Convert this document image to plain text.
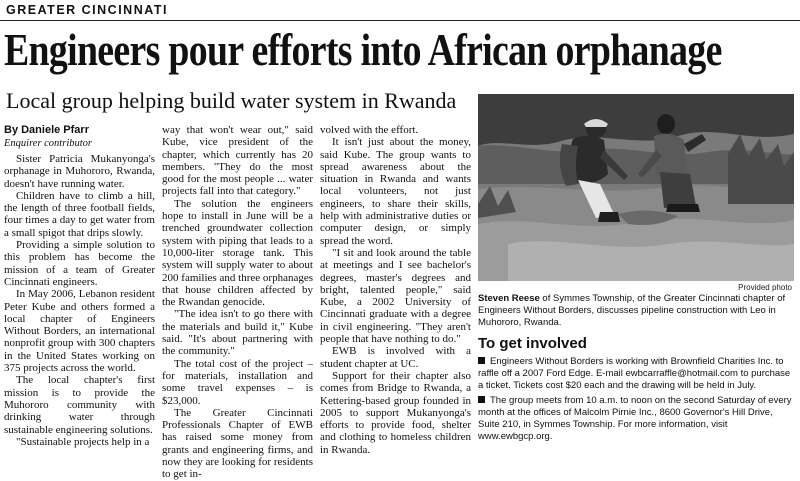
GREATER CINCINNATI
Engineers pour efforts into African orphanage
Local group helping build water system in Rwanda
By Daniele Pfarr
Enquirer contributor

Sister Patricia Mukanyonga's orphanage in Muhororo, Rwanda, doesn't have running water.

Children have to climb a hill, the length of three football fields, four times a day to get water from a small spigot that drips slowly.

Providing a simple solution to this problem has become the mission of a team of Greater Cincinnati engineers.

In May 2006, Lebanon resident Peter Kube and others formed a local chapter of Engineers Without Borders, an international nonprofit group with 300 chapters in the United States working on 375 projects across the world.

The local chapter's first mission is to provide the Muhororo community with drinking water through sustainable engineering solutions.

"Sustainable projects help in a

way that won't wear out," said Kube, vice president of the chapter, which currently has 20 members. "They do the most good for the most people ... water projects fall into that category."

The solution the engineers hope to install in June will be a trenched groundwater collection system with piping that leads to a 10,000-liter storage tank. This system will supply water to about 200 families and three orphanages that house children affected by the Rwandan genocide.

"The idea isn't to go there with the materials and build it," Kube said. "It's about partnering with the community."

The total cost of the project – for materials, installation and some travel expenses – is $23,000.

The Greater Cincinnati Professionals Chapter of EWB has raised some money from grants and engineering firms, and now they are looking for residents to get in-

volved with the effort.

It isn't just about the money, said Kube. The group wants to spread awareness about the situation in Rwanda and wants local volunteers, not just engineers, to share their skills, help with administrative duties or computer design, or simply spread the word.

"I sit and look around the table at meetings and I see bachelor's degrees, master's degrees and bright, talented people," said Kube, a 2002 University of Cincinnati graduate with a degree in civil engineering. "They aren't people that have nothing to do."

EWB is involved with a student chapter at UC.

Support for their chapter also comes from Bridge to Rwanda, a Kettering-based group founded in 2005 to support Mukanyonga's efforts to provide food, shelter and clothing to homeless children in Rwanda.

Provided photo
Steven Reese of Symmes Township, of the Greater Cincinnati chapter of Engineers Without Borders, discusses pipeline construction with Leo in Muhororo, Rwanda.
To get involved
Engineers Without Borders is working with Brownfield Charities Inc. to raffle off a 2007 Ford Edge. E-mail ewbcarraffle@hotmail.com to purchase a ticket. Tickets cost $20 each and the drawing will be held in July.
The group meets from 10 a.m. to noon on the second Saturday of every month at the offices of Malcolm Pirnie Inc., 8600 Governor's Hill Drive, Suite 210, in Symmes Township. For more information, visit www.ewbgcp.org.
